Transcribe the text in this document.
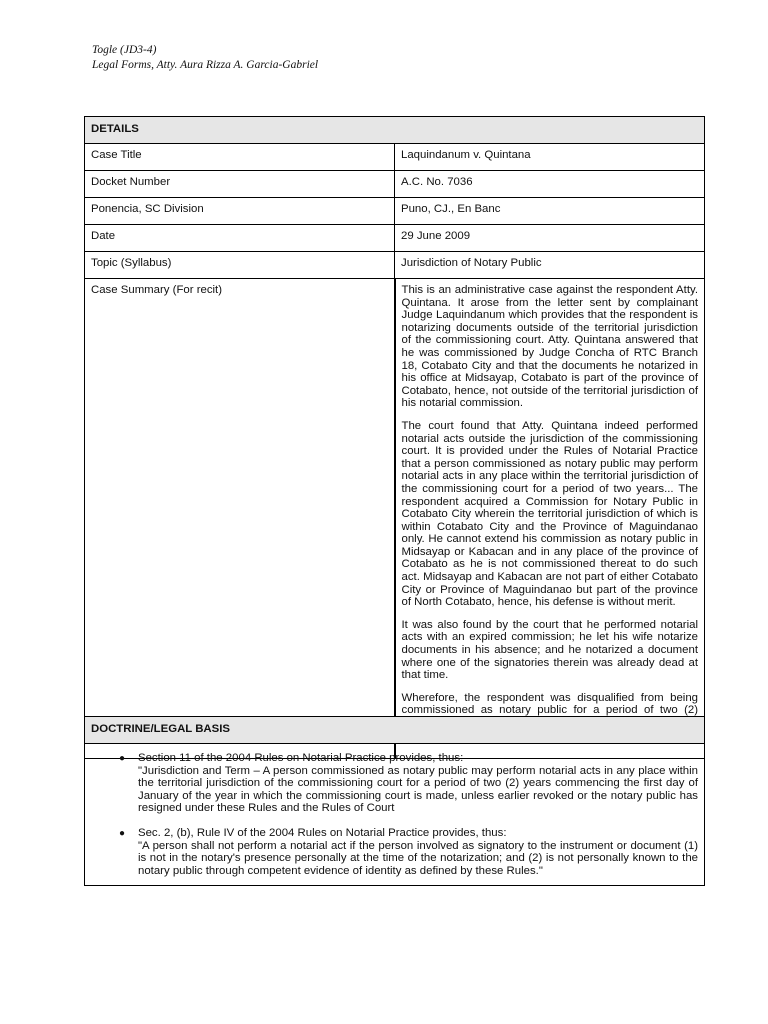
Togle (JD3-4)
Legal Forms, Atty. Aura Rizza A. Garcia-Gabriel
DETAILS	
Case Title	Laquindanum v. Quintana
Docket Number	A.C. No. 7036
Ponencia, SC Division	Puno, CJ., En Banc
Date	29 June 2009
Topic (Syllabus)	Jurisdiction of Notary Public
Case Summary (For recit)	This is an administrative case against the respondent Atty. Quintana. It arose from the letter sent by complainant Judge Laquindanum which provides that the respondent is notarizing documents outside of the territorial jurisdiction of the commissioning court. Atty. Quintana answered that he was commissioned by Judge Concha of RTC Branch 18, Cotabato City and that the documents he notarized in his office at Midsayap, Cotabato is part of the province of Cotabato, hence, not outside of the territorial jurisdiction of his notarial commission.

The court found that Atty. Quintana indeed performed notarial acts outside the jurisdiction of the commissioning court. It is provided under the Rules of Notarial Practice that a person commissioned as notary public may perform notarial acts in any place within the territorial jurisdiction of the commissioning court for a period of two years... The respondent acquired a Commission for Notary Public in Cotabato City wherein the territorial jurisdiction of which is within Cotabato City and the Province of Maguindanao only. He cannot extend his commission as notary public in Midsayap or Kabacan and in any place of the province of Cotabato as he is not commissioned thereat to do such act. Midsayap and Kabacan are not part of either Cotabato City or Province of Maguindanao but part of the province of North Cotabato, hence, his defense is without merit.

It was also found by the court that he performed notarial acts with an expired commission; he let his wife notarize documents in his absence; and he notarized a document where one of the signatories therein was already dead at that time.

Wherefore, the respondent was disqualified from being commissioned as notary public for a period of two (2)

DOCTRINE/LEGAL BASIS

● Section 11 of the 2004 Rules on Notarial Practice provides, thus:
"Jurisdiction and Term – A person commissioned as notary public may perform notarial acts in any place within the territorial jurisdiction of the commissioning court for a period of two (2) years commencing the first day of January of the year in which the commissioning court is made, unless earlier revoked or the notary public has resigned under these Rules and the Rules of Court
● Sec. 2, (b), Rule IV of the 2004 Rules on Notarial Practice provides, thus:
"A person shall not perform a notarial act if the person involved as signatory to the instrument or document (1) is not in the notary's presence personally at the time of the notarization; and (2) is not personally known to the notary public through competent evidence of identity as defined by these Rules."
